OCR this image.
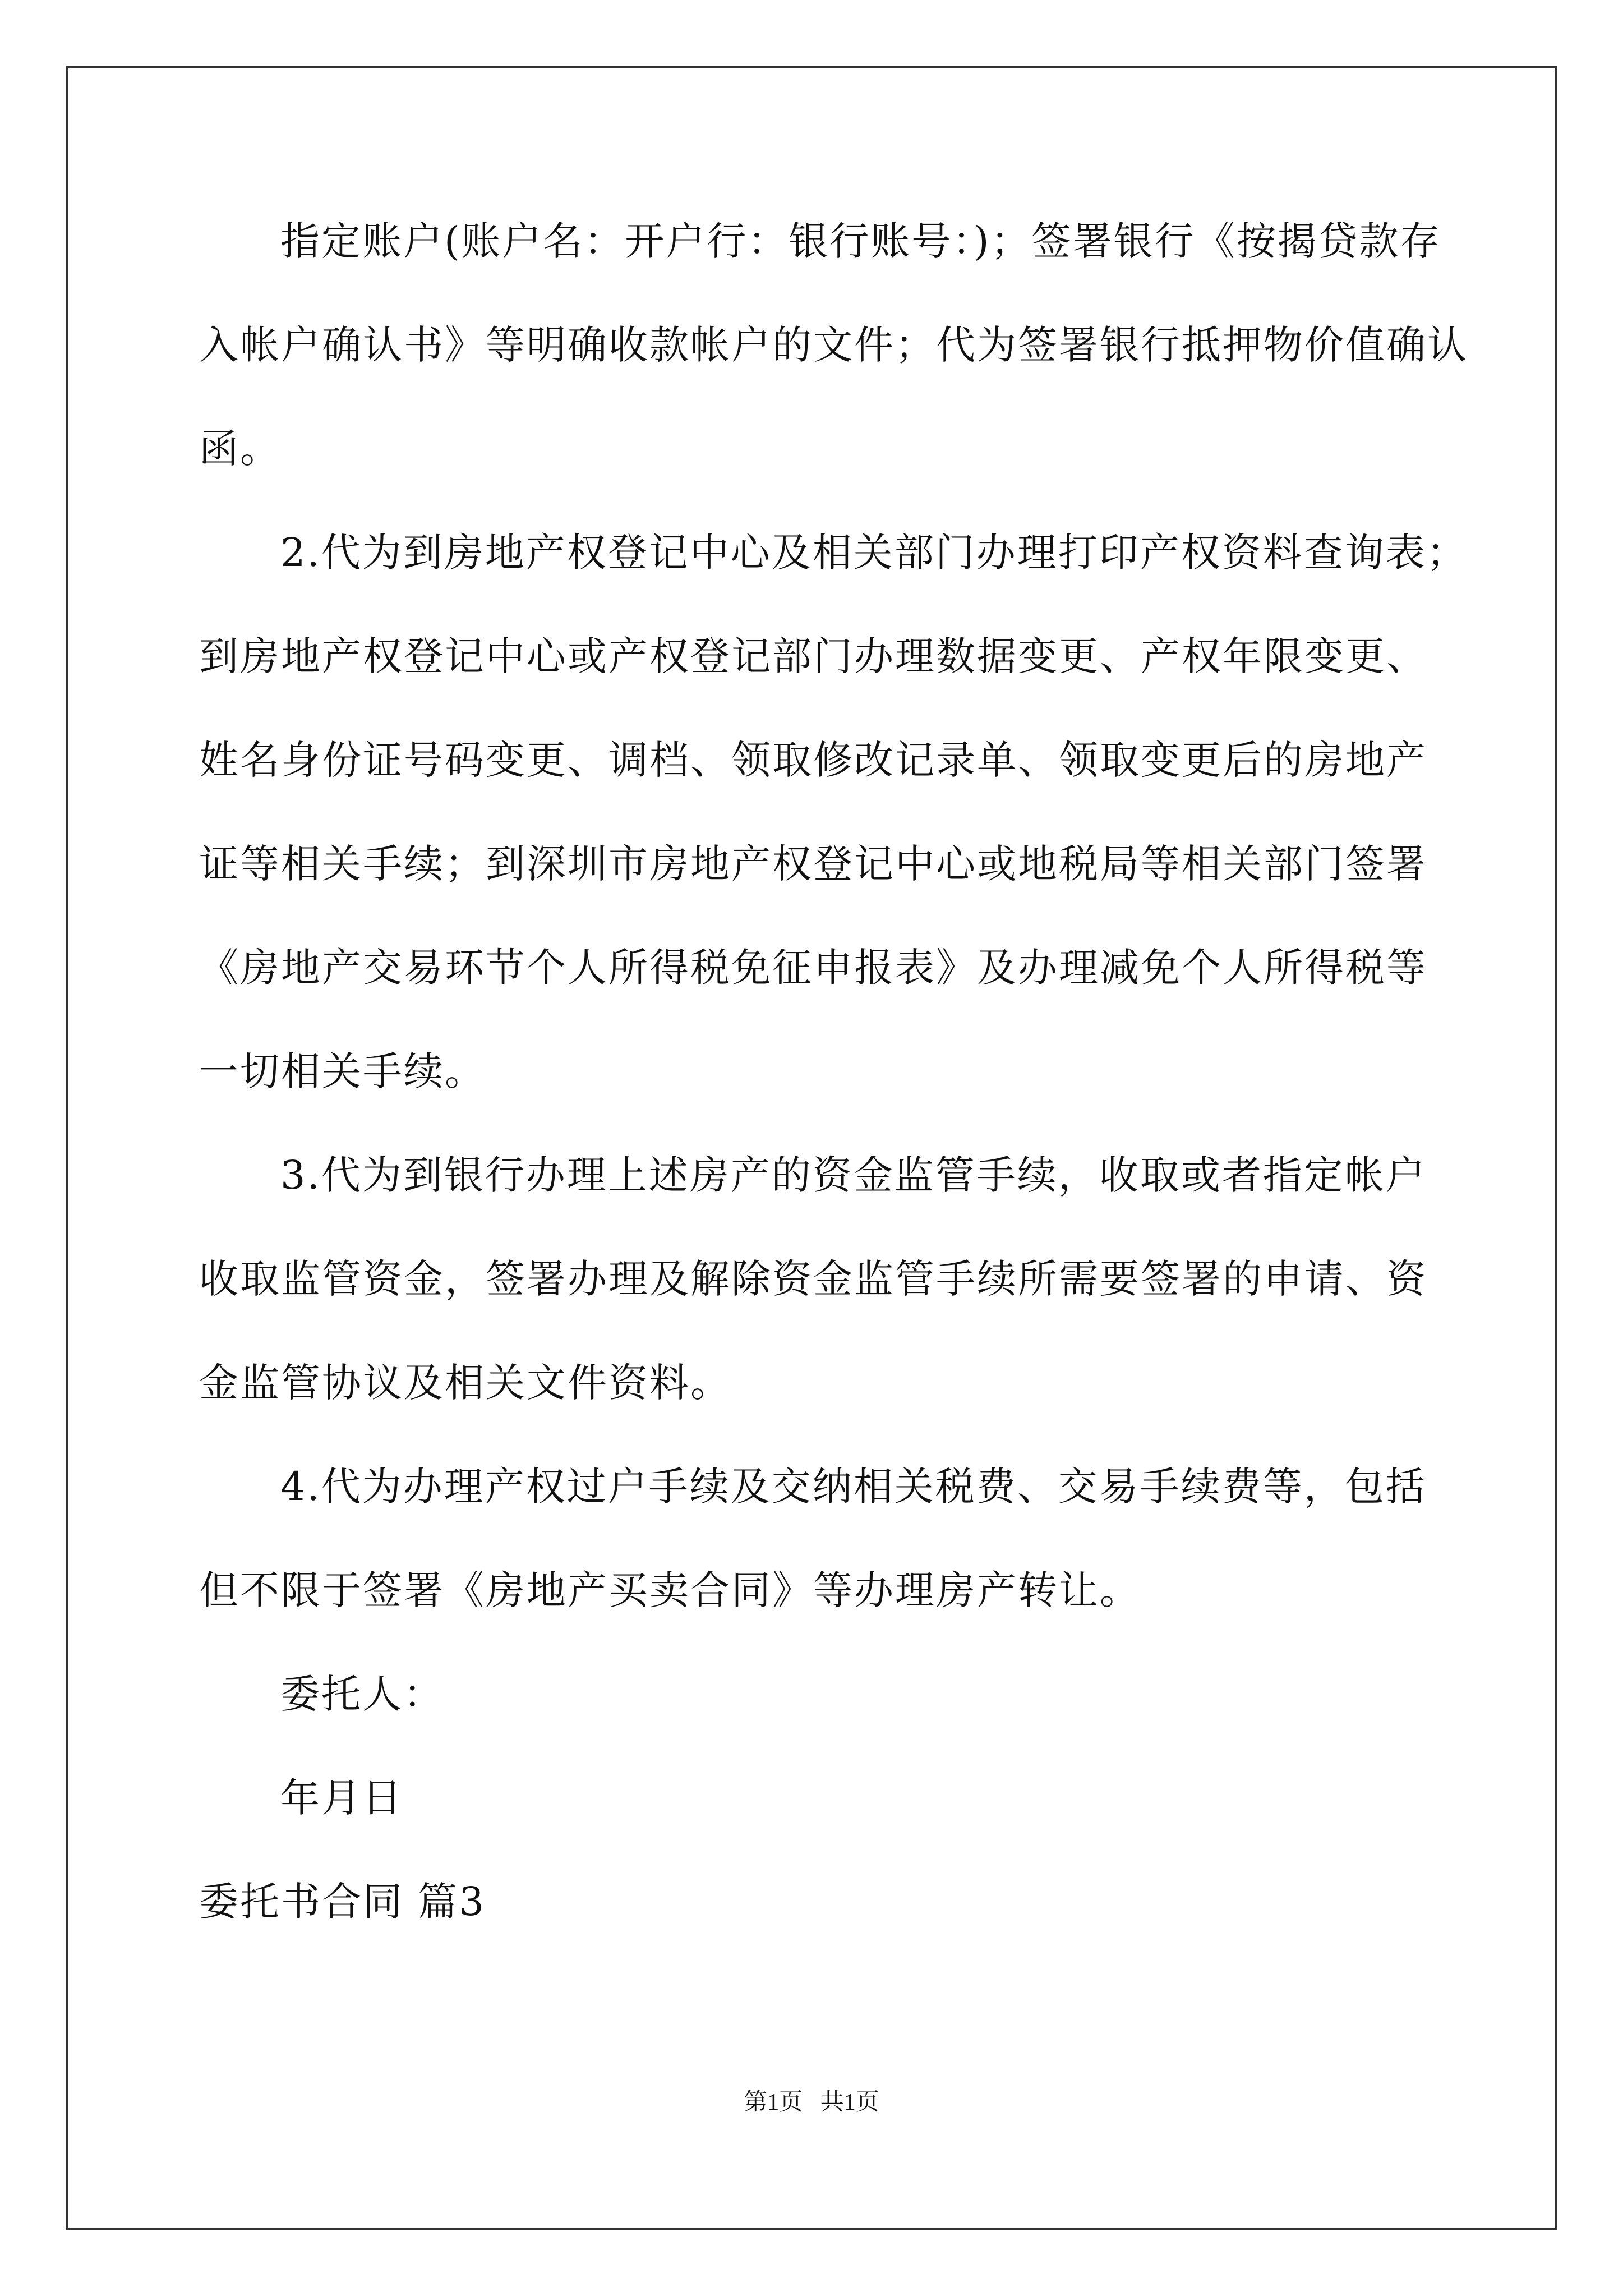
指定账户(账户名：开户行：银行账号：)；签署银行《按揭贷款存
入帐户确认书》等明确收款帐户的文件；代为签署银行抵押物价值确认
函。
2.代为到房地产权登记中心及相关部门办理打印产权资料查询表；
到房地产权登记中心或产权登记部门办理数据变更、产权年限变更、
姓名身份证号码变更、调档、领取修改记录单、领取变更后的房地产
证等相关手续；到深圳市房地产权登记中心或地税局等相关部门签署
《房地产交易环节个人所得税免征申报表》及办理减免个人所得税等
一切相关手续。
3.代为到银行办理上述房产的资金监管手续，收取或者指定帐户
收取监管资金，签署办理及解除资金监管手续所需要签署的申请、资
金监管协议及相关文件资料。
4.代为办理产权过户手续及交纳相关税费、交易手续费等，包括
但不限于签署《房地产买卖合同》等办理房产转让。
委托人：
年月日
委托书合同 篇3
第1页   共1页
